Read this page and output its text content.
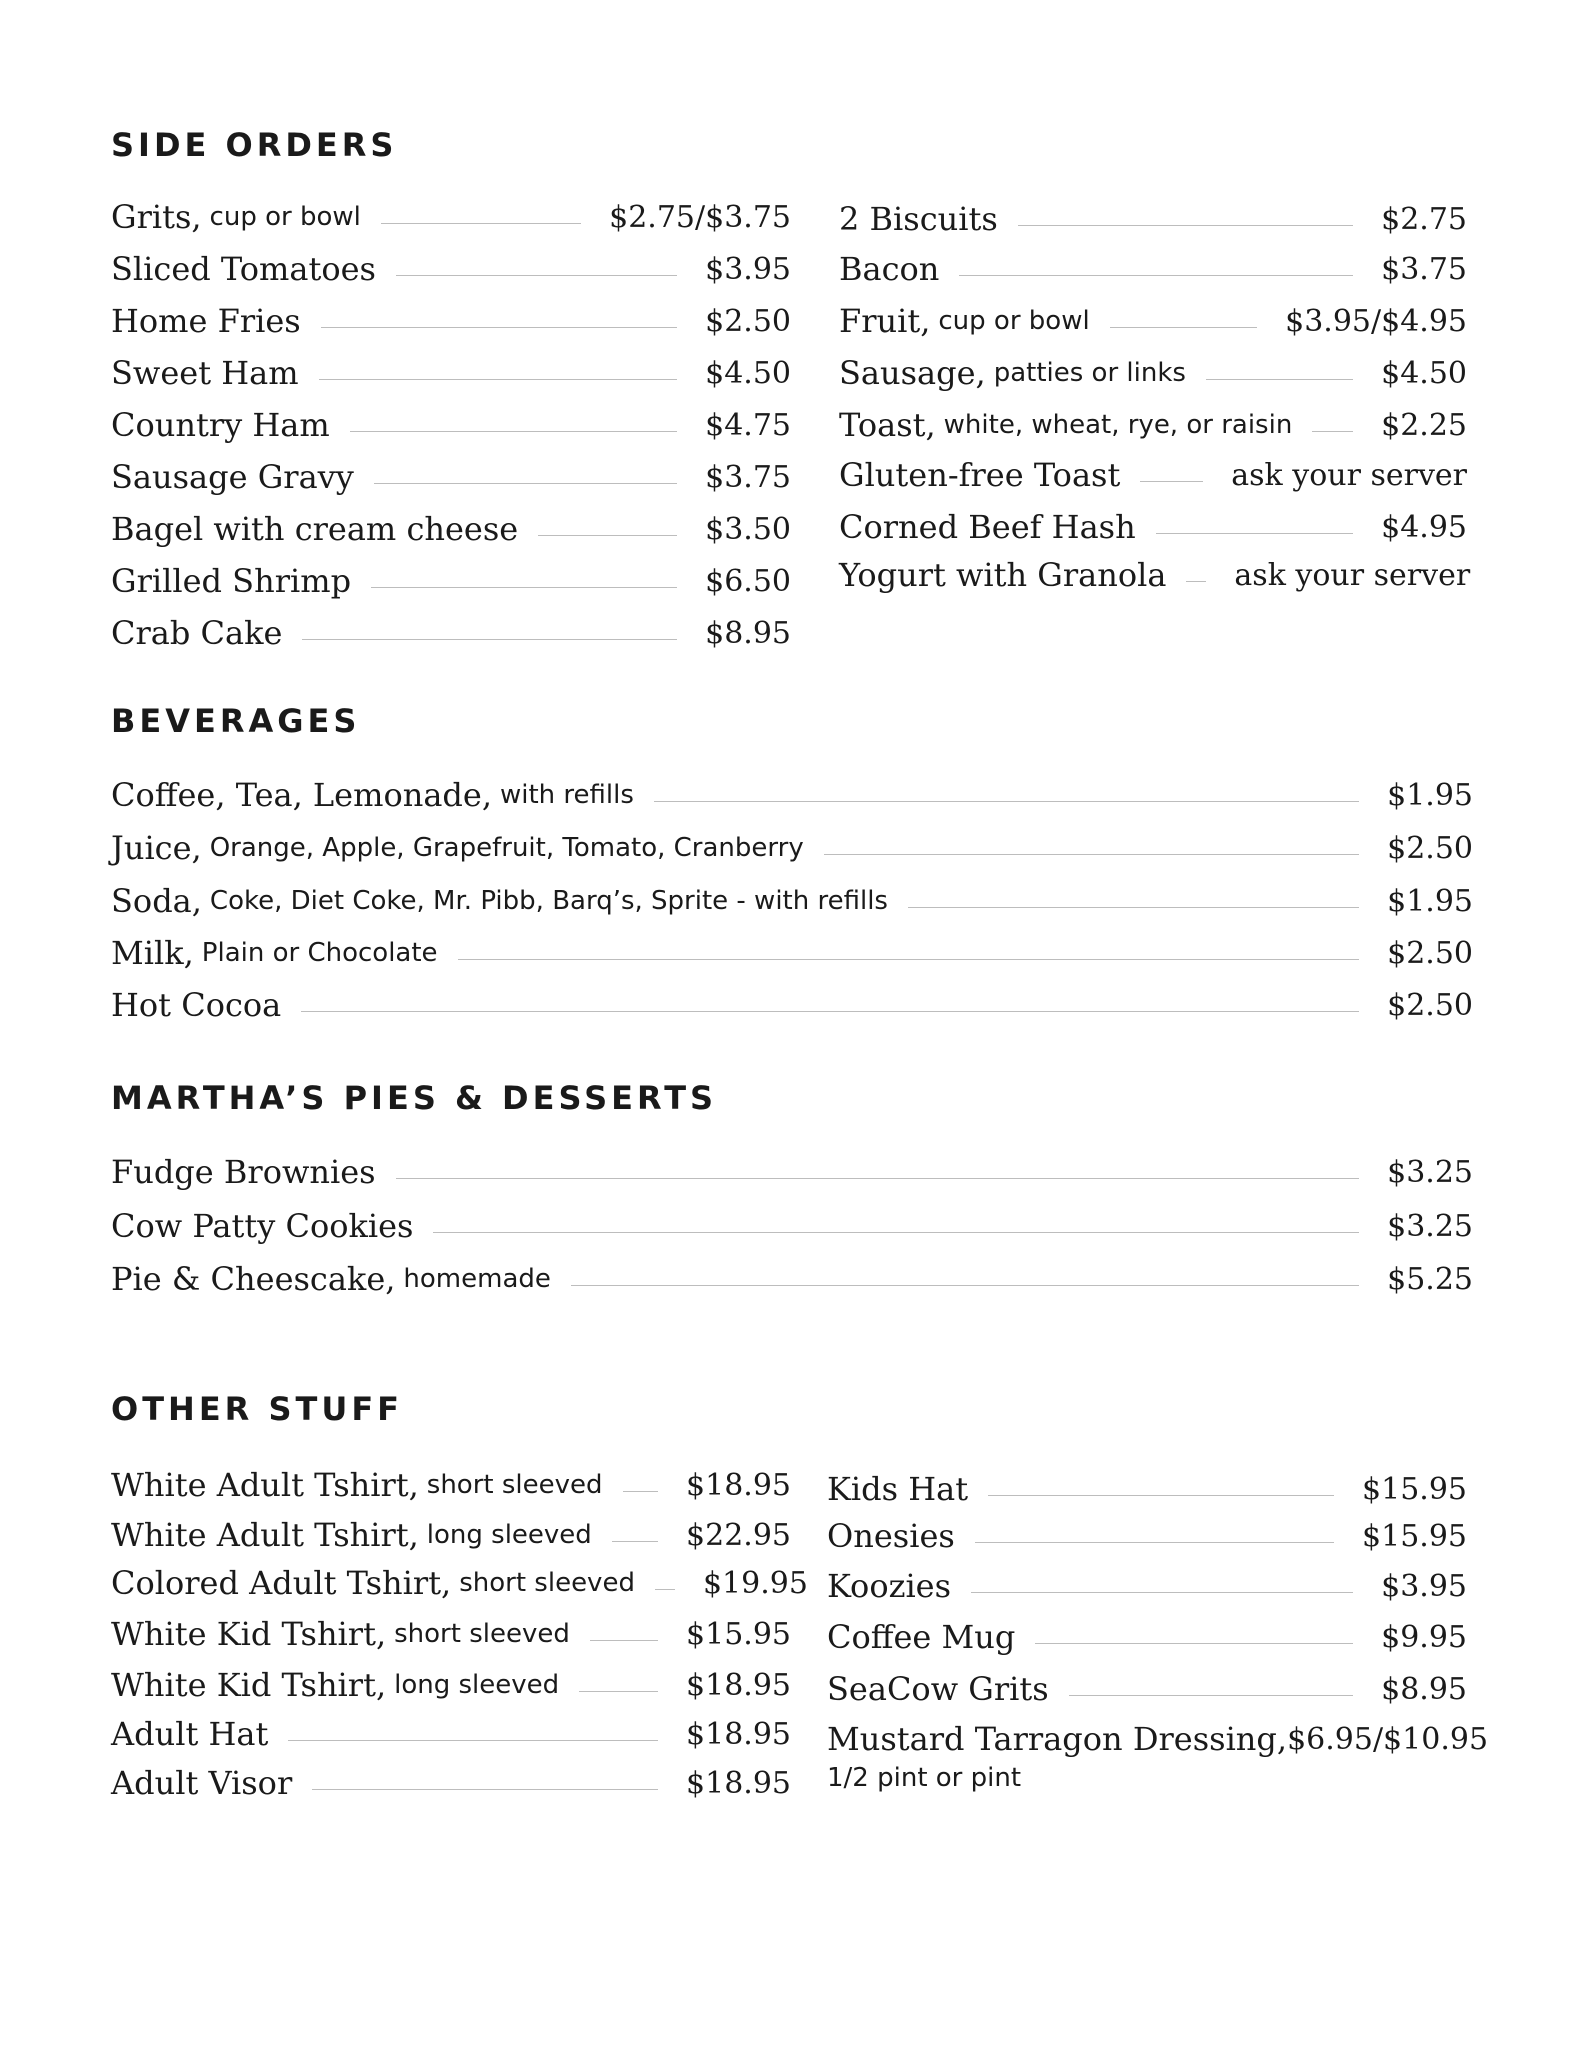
SIDE ORDERS
Grits, cup or bowl	$2.75/$3.75
Sliced Tomatoes	$3.95
Home Fries	$2.50
Sweet Ham	$4.50
Country Ham	$4.75
Sausage Gravy	$3.75
Bagel with cream cheese	$3.50
Grilled Shrimp	$6.50
Crab Cake	$8.95
2 Biscuits	$2.75
Bacon	$3.75
Fruit, cup or bowl	$3.95/$4.95
Sausage, patties or links	$4.50
Toast, white, wheat, rye, or raisin	$2.25
Gluten-free Toast	ask your server
Corned Beef Hash	$4.95
Yogurt with Granola ask your server
BEVERAGES
Coffee, Tea, Lemonade, with refills	$1.95
Juice, Orange, Apple, Grapefruit, Tomato, Cranberry	$2.50
Soda, Coke, Diet Coke, Mr. Pibb, Barq’s, Sprite - with refills	$1.95
Milk, Plain or Chocolate	$2.50
Hot Cocoa	$2.50
MARTHA’S PIES & DESSERTS
Fudge Brownies	$3.25
Cow Patty Cookies	$3.25
Pie & Cheescake, homemade	$5.25
OTHER STUFF
White Adult Tshirt, short sleeved	$18.95
White Adult Tshirt, long sleeved	$22.95
Colored Adult Tshirt, short sleeved $19.95
White Kid Tshirt, short sleeved	$15.95
White Kid Tshirt, long sleeved	$18.95
Adult Hat	$18.95
Adult Visor	$18.95
Kids Hat	$15.95
Onesies	$15.95
Koozies	$3.95
Coffee Mug	$9.95
SeaCow Grits	$8.95
Mustard Tarragon Dressing, $6.95/$10.95
1/2 pint or pint
